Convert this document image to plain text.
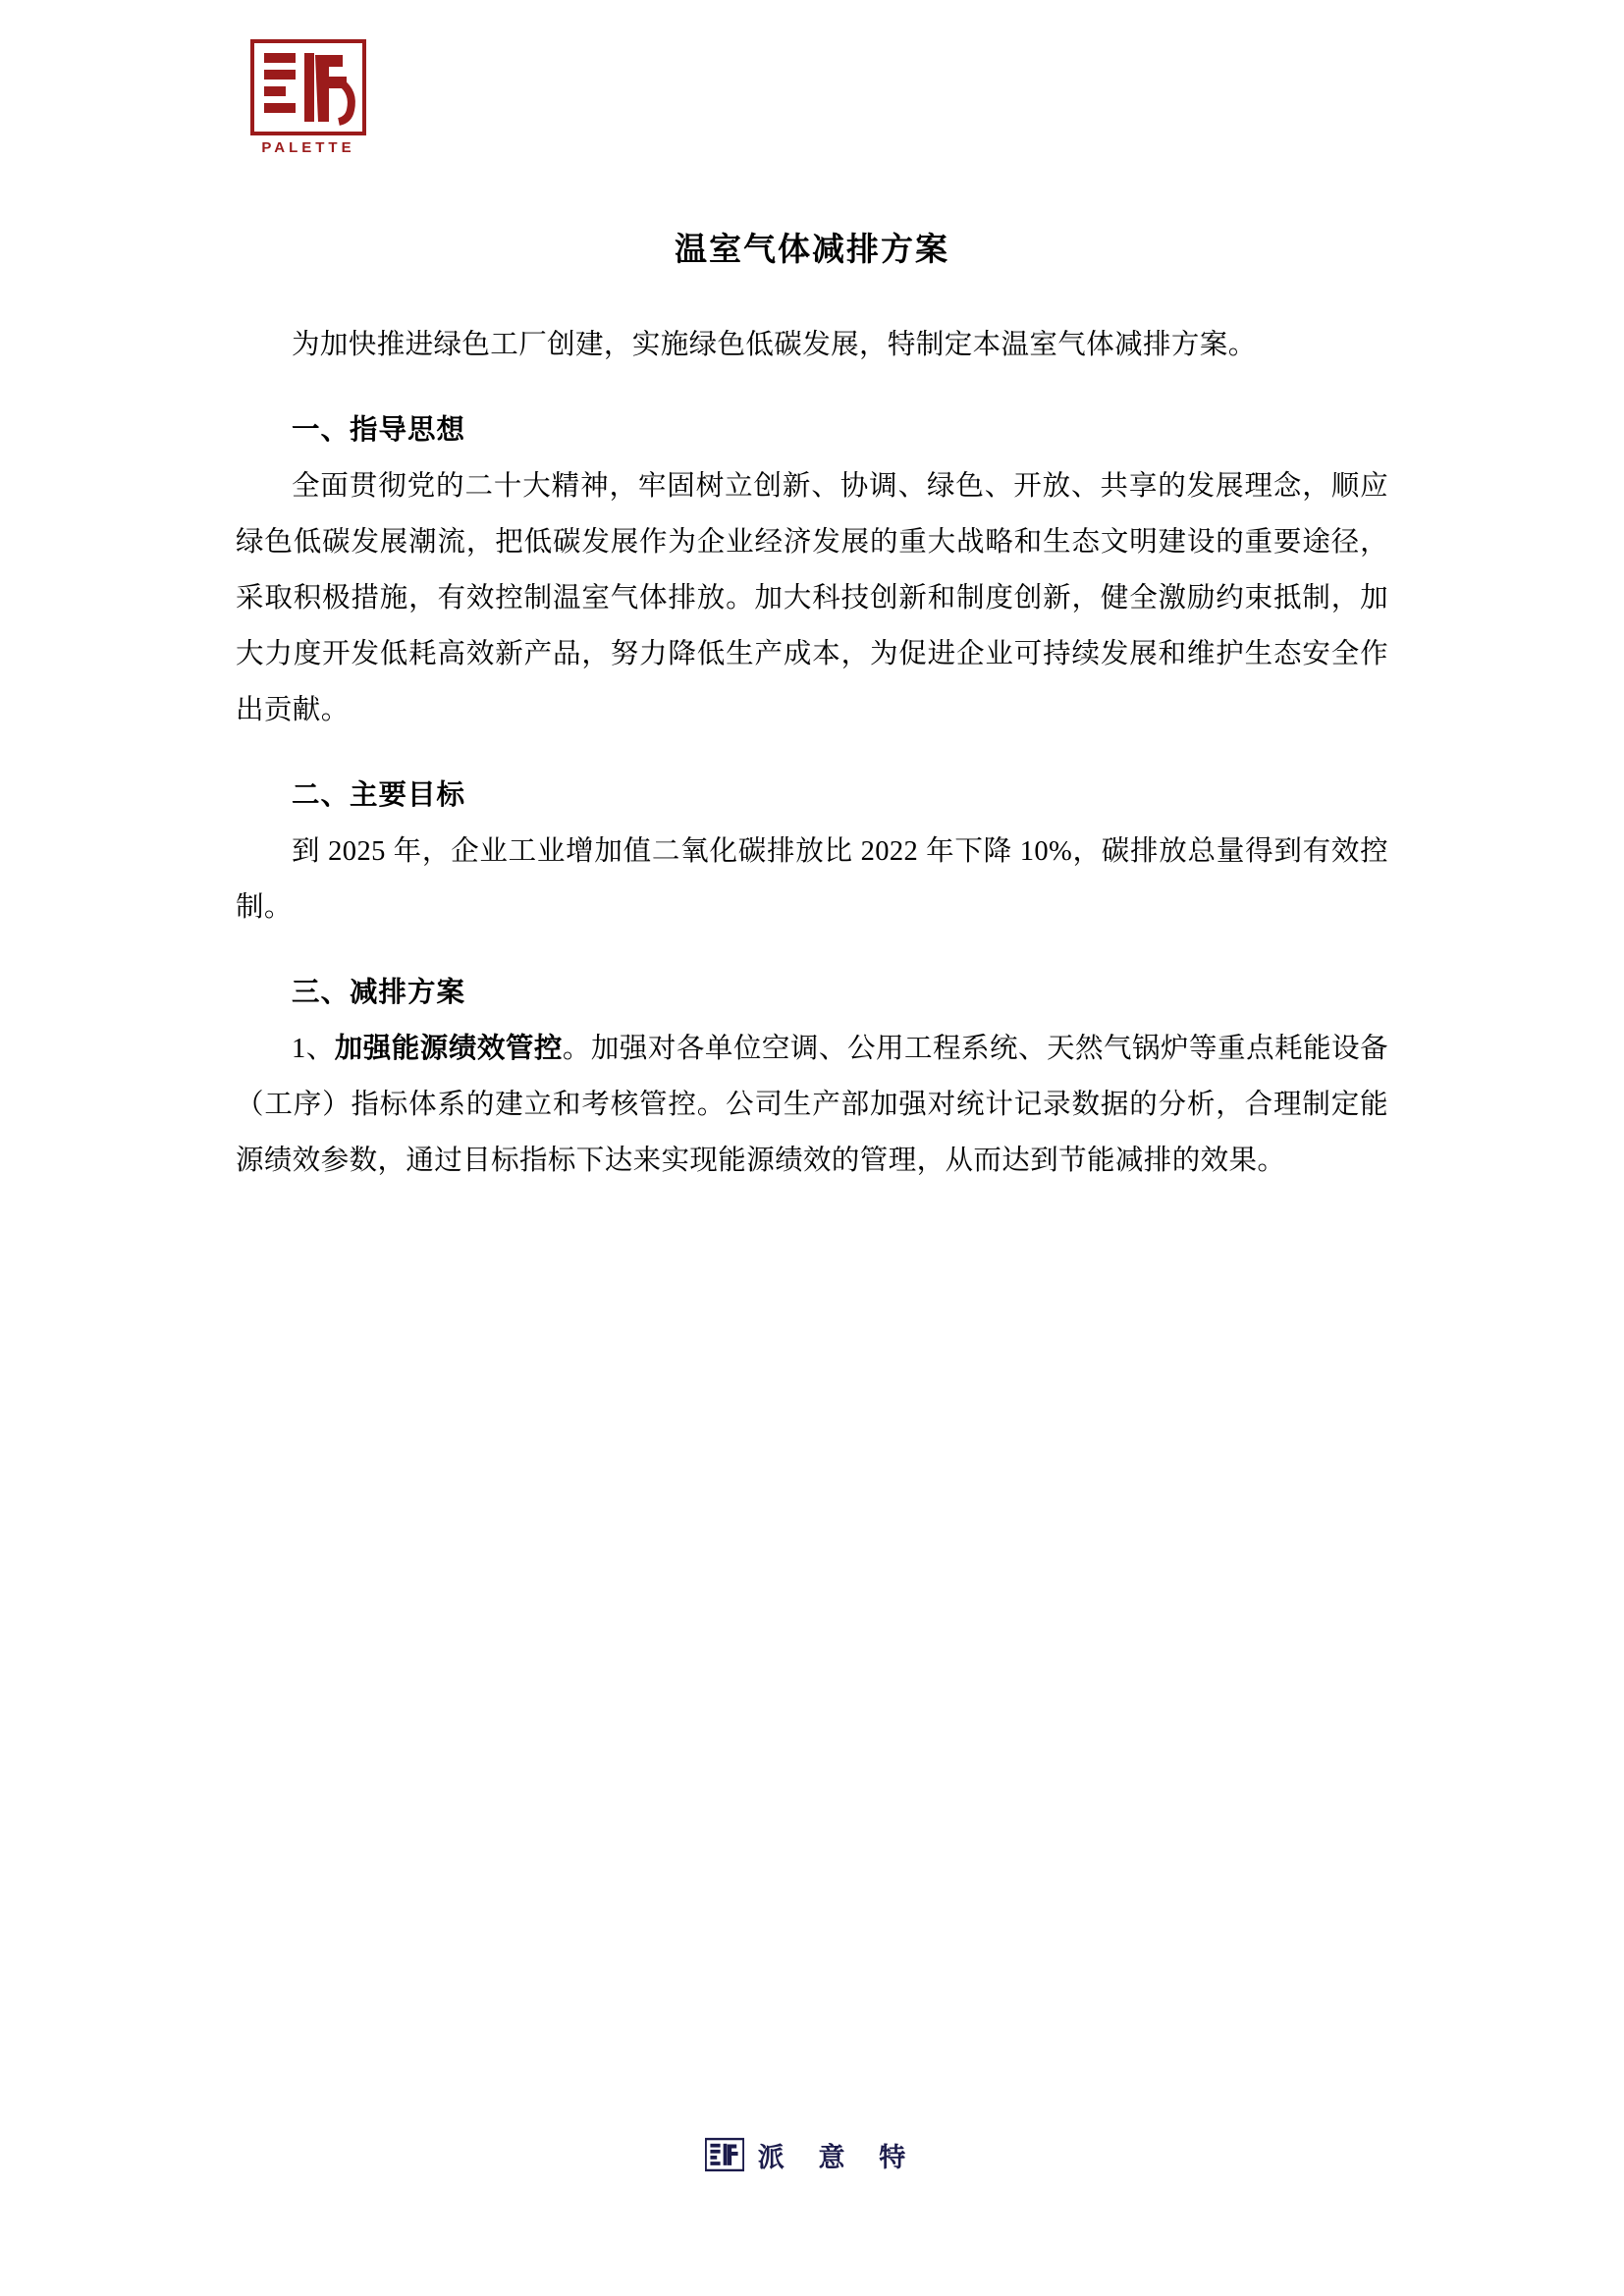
PALETTE
温室气体减排方案

为加快推进绿色工厂创建，实施绿色低碳发展，特制定本温室气体减排方案。

一、指导思想

全面贯彻党的二十大精神，牢固树立创新、协调、绿色、开放、共享的发展理念，顺应绿色低碳发展潮流，把低碳发展作为企业经济发展的重大战略和生态文明建设的重要途径，采取积极措施，有效控制温室气体排放。加大科技创新和制度创新，健全激励约束抵制，加大力度开发低耗高效新产品，努力降低生产成本，为促进企业可持续发展和维护生态安全作出贡献。

二、主要目标

到 2025 年，企业工业增加值二氧化碳排放比 2022 年下降 10%，碳排放总量得到有效控制。

三、减排方案

1、加强能源绩效管控。加强对各单位空调、公用工程系统、天然气锅炉等重点耗能设备（工序）指标体系的建立和考核管控。公司生产部加强对统计记录数据的分析，合理制定能源绩效参数，通过目标指标下达来实现能源绩效的管理，从而达到节能减排的效果。

派 意 特
